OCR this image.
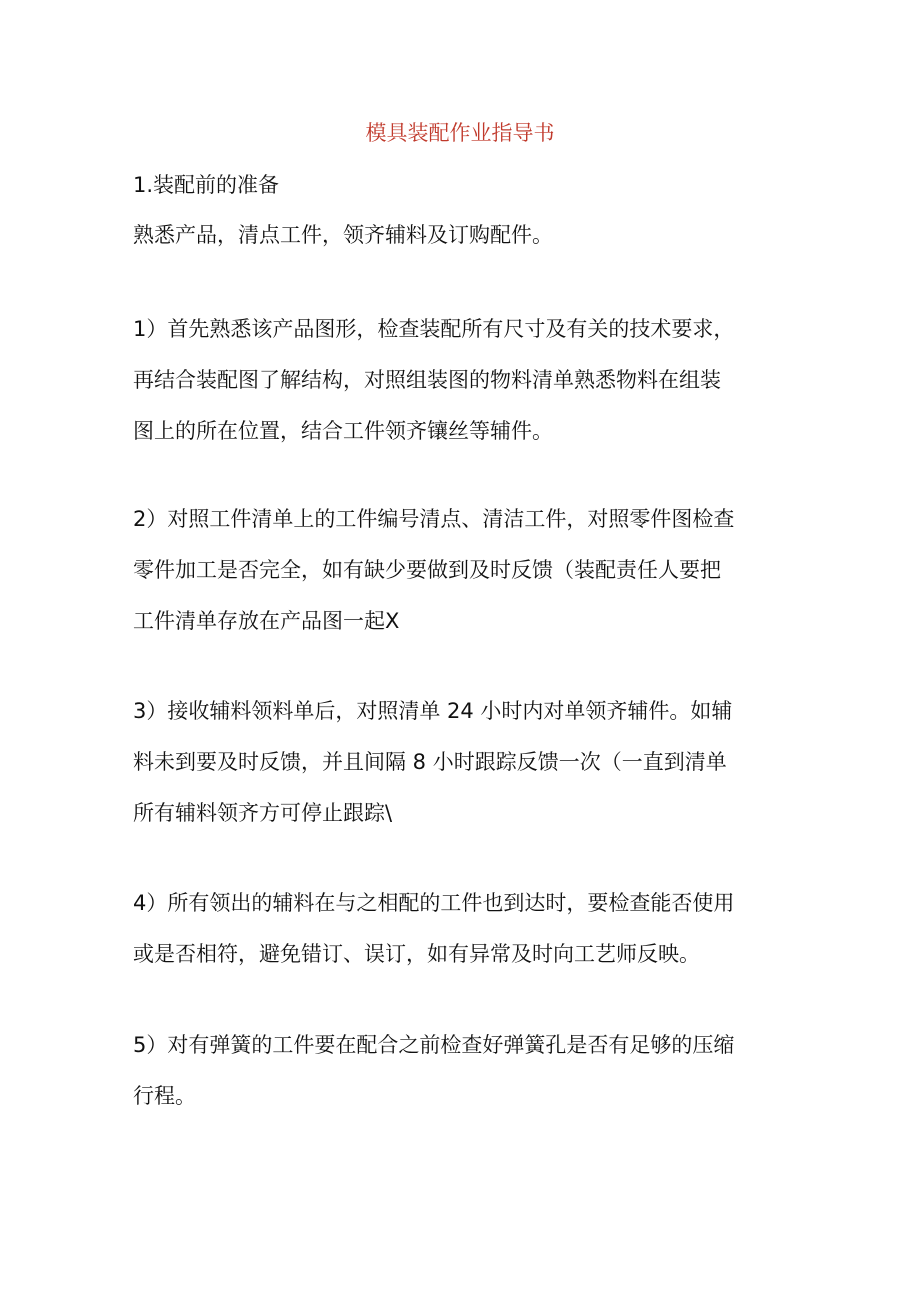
模具装配作业指导书

1.装配前的准备

熟悉产品，清点工件，领齐辅料及订购配件。

1）首先熟悉该产品图形，检查装配所有尺寸及有关的技术要求，
再结合装配图了解结构，对照组装图的物料清单熟悉物料在组装
图上的所在位置，结合工件领齐镶丝等辅件。

2）对照工件清单上的工件编号清点、清洁工件，对照零件图检查
零件加工是否完全，如有缺少要做到及时反馈（装配责任人要把
工件清单存放在产品图一起X

3）接收辅料领料单后，对照清单 24 小时内对单领齐辅件。如辅
料未到要及时反馈，并且间隔 8 小时跟踪反馈一次（一直到清单
所有辅料领齐方可停止跟踪\

4）所有领出的辅料在与之相配的工件也到达时，要检查能否使用
或是否相符，避免错订、误订，如有异常及时向工艺师反映。

5）对有弹簧的工件要在配合之前检查好弹簧孔是否有足够的压缩
行程。
